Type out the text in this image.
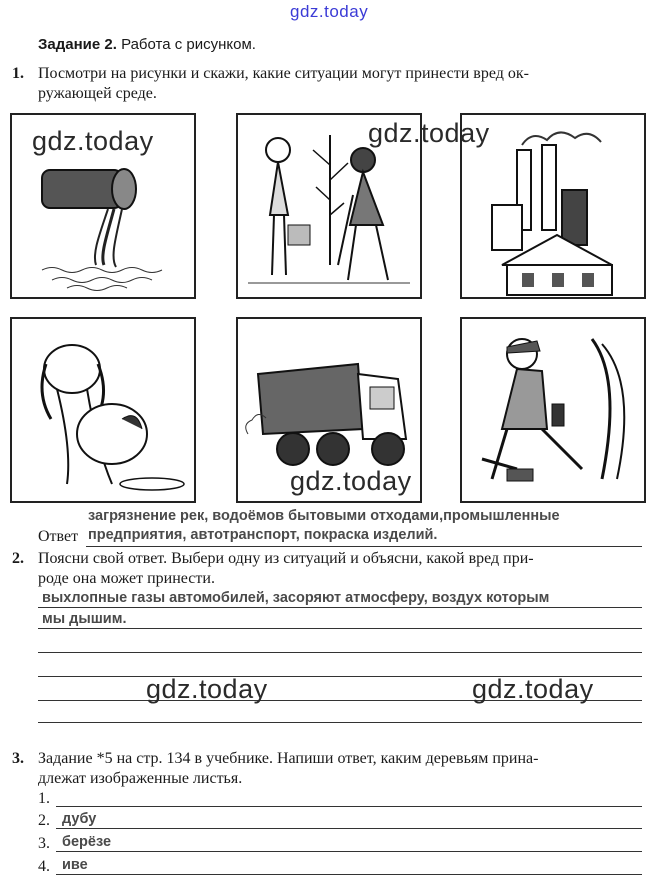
gdz.today
Задание 2. Работа с рисунком.
1. Посмотри на рисунки и скажи, какие ситуации могут принести вред ок-
ружающей среде.
gdz.today	gdz.today
gdz.today
загрязнение рек, водоёмов бытовыми отходами,промышленные
Ответ предприятия, автотранспорт, покраска изделий.
2. Поясни свой ответ. Выбери одну из ситуаций и объясни, какой вред при-
роде она может принести.
выхлопные газы автомобилей, засоряют атмосферу, воздух которым
мы дышим.
gdz.today	gdz.today
3. Задание *5 на стр. 134 в учебнике. Напиши ответ, каким деревьям прина-
длежат изображенные листья.
1.
2. дубу
3. берёзе
4. иве
